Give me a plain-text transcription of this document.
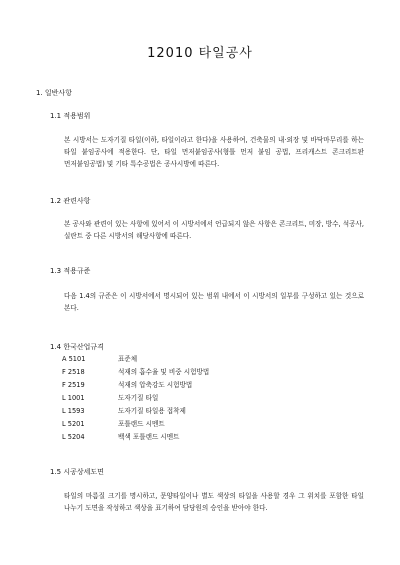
12010 타일공사
1. 일반사항
1.1 적용범위
본 시방서는 도자기질 타일(이하, 타일이라고 한다)을 사용하여, 건축물의 내·외장 및 바닥마무리를 하는 타일 붙임공사에 적용한다. 단, 타일 먼저붙임공사(형틀 먼저 붙임 공법, 프리캐스트 콘크리트판 먼저붙임공법) 및 기타 특수공법은 공사시방에 따른다.
1.2 관련사항
본 공사와 관련이 있는 사항에 있어서 이 시방서에서 언급되지 않은 사항은 콘크리트, 미장, 방수, 석공사, 실란트 중 다른 시방서의 해당사항에 따른다.
1.3 적용규준
다음 1.4의 규준은 이 시방서에서 명시되어 있는 범위 내에서 이 시방서의 일부를 구성하고 있는 것으로 본다.
1.4 한국산업규격
A 5101	표준체
F 2518	석재의 흡수율 및 비중 시험방법
F 2519	석재의 압축강도 시험방법
L 1001	도자기질 타일
L 1593	도자기질 타일용 접착제
L 5201	포틀랜드 시멘트
L 5204	백색 포틀랜드 시멘트
1.5 시공상세도면
타일의 마름질 크기를 명시하고, 문양타일이나 별도 색상의 타일을 사용할 경우 그 위치를 포함한 타일 나누기 도면을 작성하고 색상을 표기하여 담당원의 승인을 받아야 한다.
